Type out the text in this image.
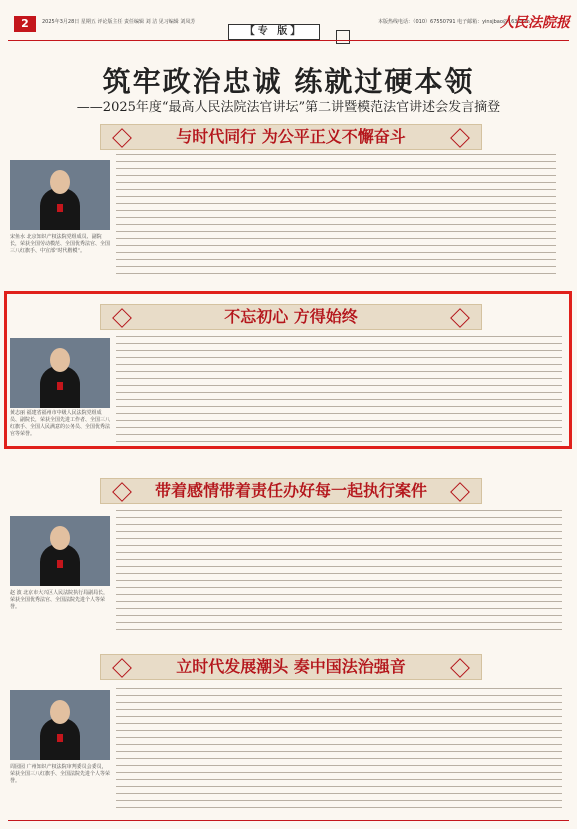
2	2025年3月28日 星期五 评论版主任 责任编辑 刘 洁 见习编辑 刘凤芳
【专 版】
本版热线电话：（010）67550791 电子邮箱：yinsjbao@163.com
人民法院报
筑牢政治忠诚 练就过硬本领
——2025年度“最高人民法院法官讲坛”第二讲暨模范法官讲述会发言摘登
与时代同行 为公平正义不懈奋斗
宋鱼水 北京知识产权法院党组成员、副院长，荣获全国劳动模范、全国优秀法官、全国三八红旗手、中宣部“时代楷模”。
不忘初心 方得始终
黄志丽 福建省福州市中级人民法院党组成员、副院长，荣获全国先进工作者、全国三八红旗手、全国人民满意的公务员、全国优秀法官等荣誉。
带着感情带着责任办好每一起执行案件
赵 波 北京市大兴区人民法院执行局副局长，荣获全国优秀法官、全国法院先进个人等荣誉。
立时代发展潮头 奏中国法治强音
周园园 广州知识产权法院审判委员会委员，荣获全国三八红旗手、全国法院先进个人等荣誉。
